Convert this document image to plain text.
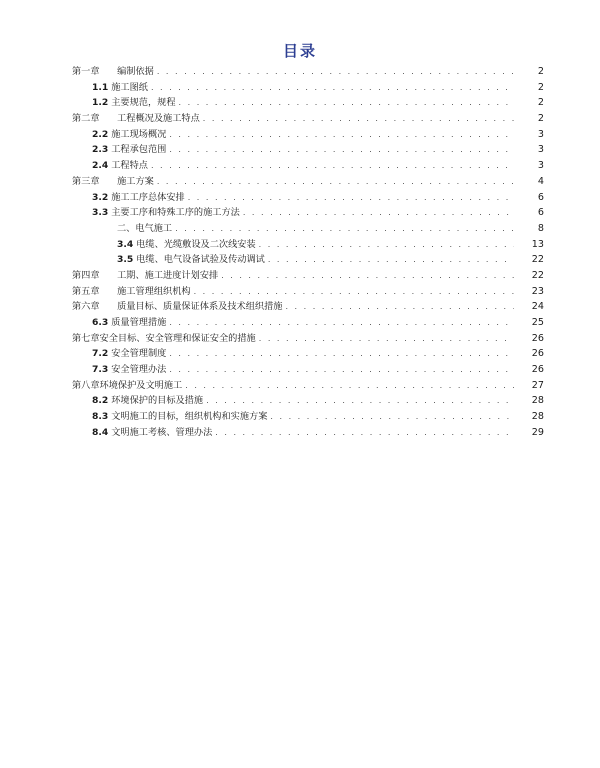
目录
第一章      编制依据 . . .	2
1.1 施工图纸 . . .	2
1.2 主要规范，规程 . . .	2
第二章      工程概况及施工特点 . . .	2
2.2 施工现场概况 . . .	3
2.3 工程承包范围 . . .	3
2.4 工程特点 . . .	3
第三章      施工方案 . . .	4
3.2 施工工序总体安排 . . .	6
3.3 主要工序和特殊工序的施工方法 . . .	6
二、电气施工 . . .	8
3.4 电缆、光缆敷设及二次线安装 . . .	13
3.5 电缆、电气设备试验及传动调试 . . .	22
第四章      工期、施工进度计划安排 . . .	22
第五章      施工管理组织机构 . . .	23
第六章      质量目标、质量保证体系及技术组织措施 . . .	24
6.3 质量管理措施 . . .	25
第七章安全目标、安全管理和保证安全的措施 . . .	26
7.2 安全管理制度 . . .	26
7.3 安全管理办法 . . .	26
第八章环境保护及文明施工 . . .	27
8.2 环境保护的目标及措施 . . .	28
8.3 文明施工的目标，组织机构和实施方案 . . .	28
8.4 文明施工考核、管理办法 . . .	29
